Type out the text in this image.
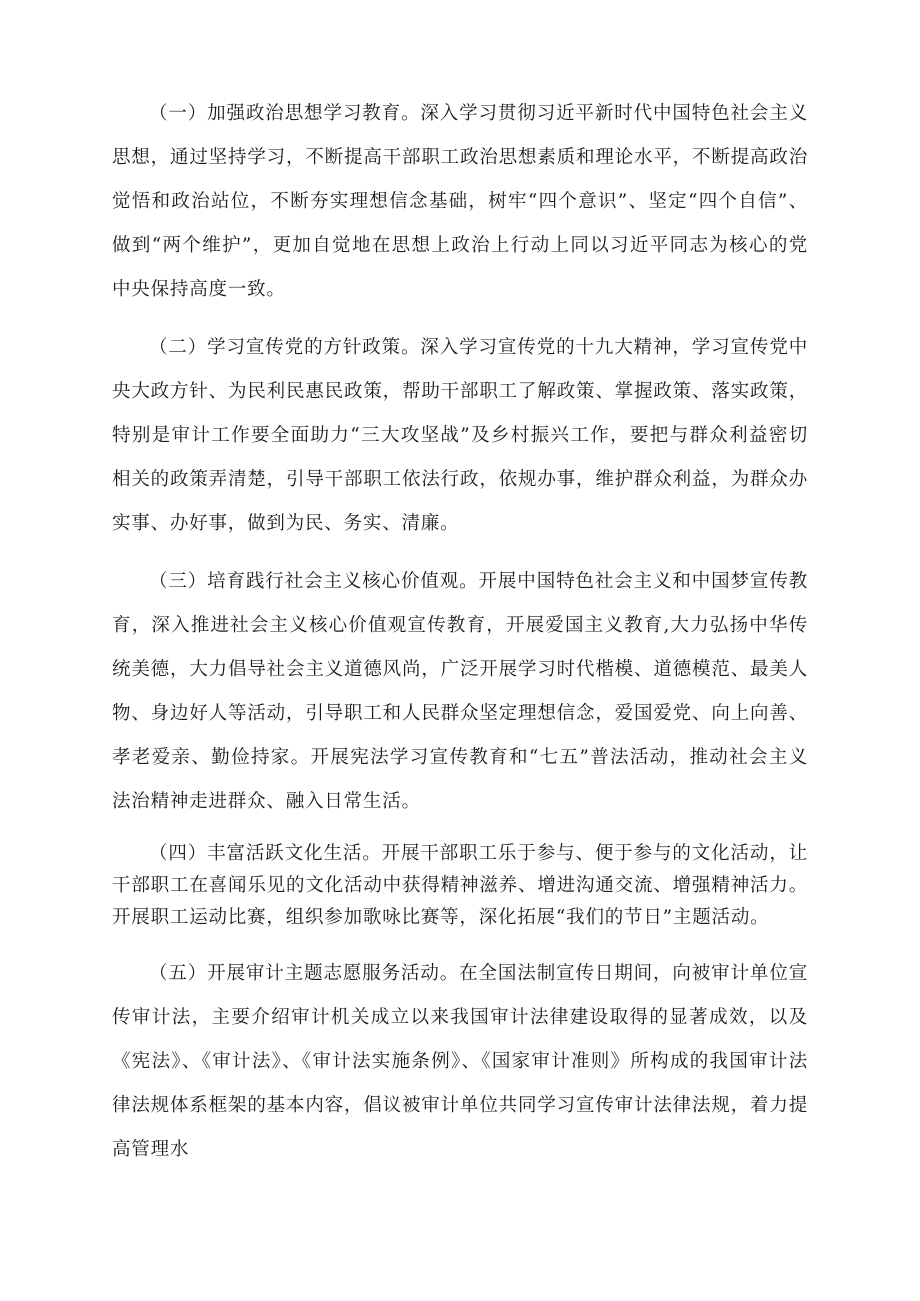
（一）加强政治思想学习教育。深入学习贯彻习近平新时代中国特色社会主义思想，通过坚持学习，不断提高干部职工政治思想素质和理论水平，不断提高政治觉悟和政治站位，不断夯实理想信念基础，树牢“四个意识”、坚定“四个自信”、做到“两个维护”，更加自觉地在思想上政治上行动上同以习近平同志为核心的党中央保持高度一致。

（二）学习宣传党的方针政策。深入学习宣传党的十九大精神，学习宣传党中央大政方针、为民利民惠民政策，帮助干部职工了解政策、掌握政策、落实政策，特别是审计工作要全面助力“三大攻坚战”及乡村振兴工作，要把与群众利益密切相关的政策弄清楚，引导干部职工依法行政，依规办事，维护群众利益，为群众办实事、办好事，做到为民、务实、清廉。

（三）培育践行社会主义核心价值观。开展中国特色社会主义和中国梦宣传教育，深入推进社会主义核心价值观宣传教育，开展爱国主义教育,大力弘扬中华传统美德，大力倡导社会主义道德风尚，广泛开展学习时代楷模、道德模范、最美人物、身边好人等活动，引导职工和人民群众坚定理想信念，爱国爱党、向上向善、孝老爱亲、勤俭持家。开展宪法学习宣传教育和“七五”普法活动，推动社会主义法治精神走进群众、融入日常生活。

（四）丰富活跃文化生活。开展干部职工乐于参与、便于参与的文化活动，让干部职工在喜闻乐见的文化活动中获得精神滋养、增进沟通交流、增强精神活力。开展职工运动比赛，组织参加歌咏比赛等，深化拓展“我们的节日”主题活动。

（五）开展审计主题志愿服务活动。在全国法制宣传日期间，向被审计单位宣传审计法，主要介绍审计机关成立以来我国审计法律建设取得的显著成效，以及《宪法》、《审计法》、《审计法实施条例》、《国家审计准则》所构成的我国审计法律法规体系框架的基本内容，倡议被审计单位共同学习宣传审计法律法规，着力提高管理水
